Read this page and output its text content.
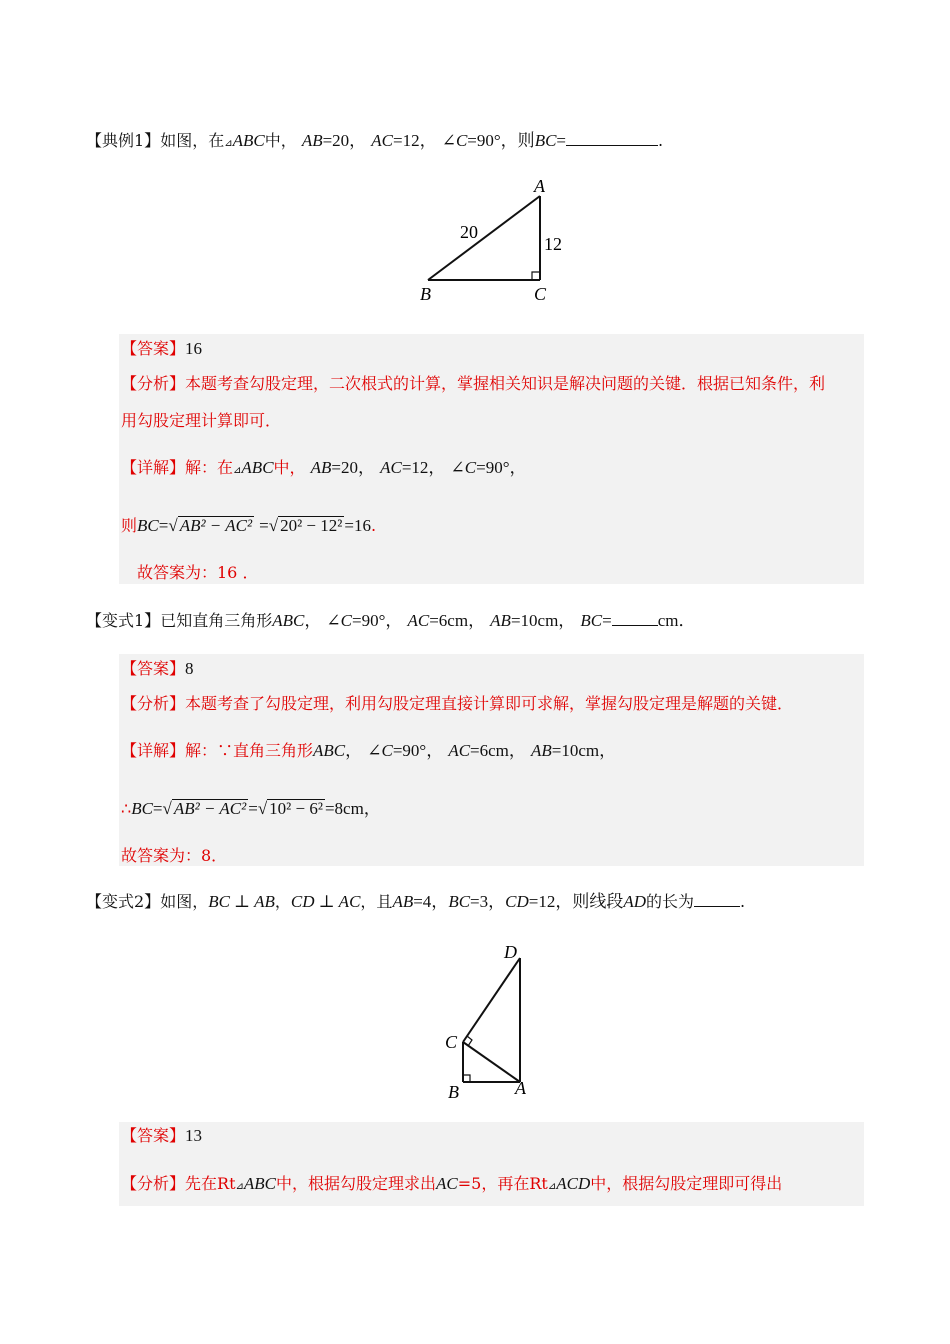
【典例1】如图，在⊿ABC中， AB=20， AC=12， ∠C=90°，则BC=	.
A
B	C
20
12
【答案】16
【分析】本题考查勾股定理，二次根式的计算，掌握相关知识是解决问题的关键．根据已知条件，利
用勾股定理计算即可．
【详解】解：在⊿ABC中， AB=20， AC=12， ∠C=90°，
则BC=√ AB² − AC² =√ 20² − 12² =16.
故答案为：16 ．
【变式1】已知直角三角形ABC， ∠C=90°， AC=6cm， AB=10cm， BC=	cm．
【答案】8
【分析】本题考查了勾股定理，利用勾股定理直接计算即可求解，掌握勾股定理是解题的关键．
【详解】解：∵直角三角形ABC， ∠C=90°， AC=6cm， AB=10cm，
∴BC=√ AB² − AC² =√ 10² − 6² =8cm，
故答案为：8．
【变式2】如图，BC ⊥ AB，CD ⊥ AC，且AB=4，BC=3，CD=12，则线段AD的长为	.
D
C
B	A
【答案】13
【分析】先在Rt⊿ABC中，根据勾股定理求出AC=5，再在Rt⊿ACD中，根据勾股定理即可得出
